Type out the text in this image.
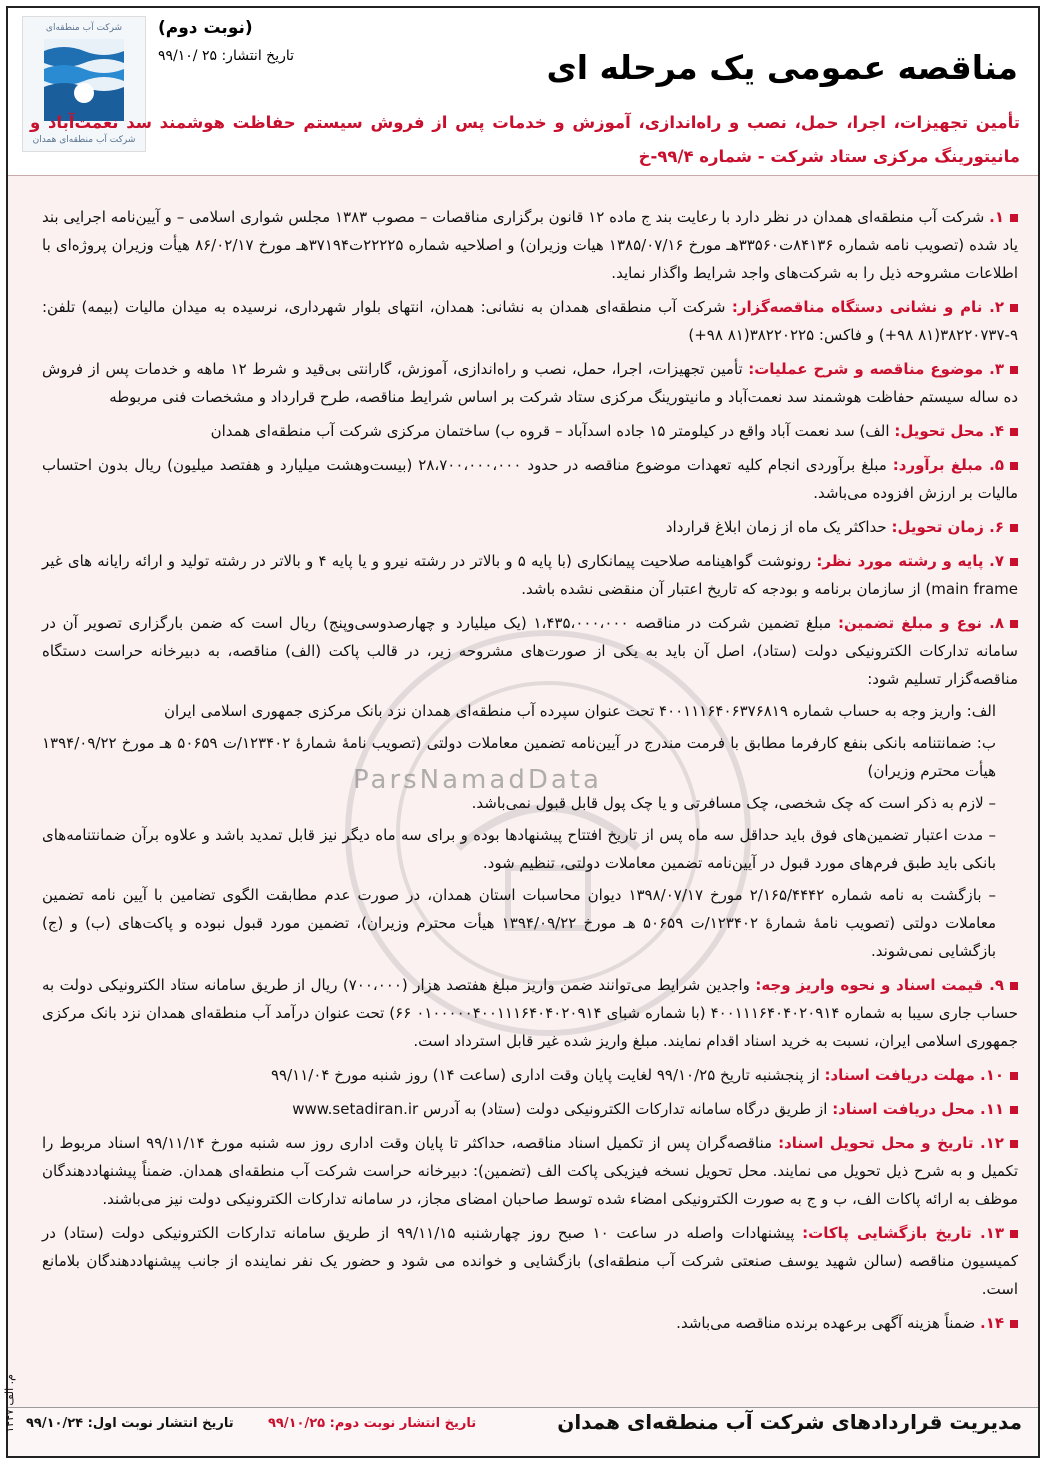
شرکت آب منطقه‌ای
شرکت آب منطقه‌ای همدان
(نوبت دوم)
تاریخ انتشار: ۲۵ /۹۹/۱۰	مناقصه عمومی یک مرحله ای
تأمین تجهیزات، اجرا، حمل، نصب و راه‌اندازی، آموزش و خدمات پس از فروش سیستم حفاظت هوشمند سد نعمت‌آباد و مانیتورینگ مرکزی ستاد شرکت - شماره ۹۹/۴-خ
ParsNamadData
۱. شرکت آب منطقه‌ای همدان در نظر دارد با رعایت بند ج ماده ۱۲ قانون برگزاری مناقصات – مصوب ۱۳۸۳ مجلس شواری اسلامی – و آیین‌نامه اجرایی بند یاد شده (تصویب نامه شماره ۸۴۱۳۶ت‌۳۳۵۶۰هـ مورخ ۱۳۸۵/۰۷/۱۶ هیات وزیران) و اصلاحیه شماره ۲۲۲۲۵ت۳۷۱۹۴هـ مورخ ۸۶/۰۲/۱۷ هیأت وزیران پروژه‌ای با اطلاعات مشروحه ذیل را به شرکت‌های واجد شرایط واگذار نماید.
۲. نام و نشانی دستگاه مناقصه‌گزار: شرکت آب منطقه‌ای همدان به نشانی: همدان، انتهای بلوار شهرداری، نرسیده به میدان مالیات (بیمه) تلفن: ۹-۳۸۲۲۰۷۳۷(۸۱ ۹۸+) و فاکس: ۳۸۲۲۰۲۲۵(۸۱ ۹۸+)
۳. موضوع مناقصه و شرح عملیات: تأمین تجهیزات، اجرا، حمل، نصب و راه‌اندازی، آموزش، گارانتی بی‌قید و شرط ۱۲ ماهه و خدمات پس از فروش ده ساله سیستم حفاظت هوشمند سد نعمت‌آباد و مانیتورینگ مرکزی ستاد شرکت بر اساس شرایط مناقصه، طرح قرارداد و مشخصات فنی مربوطه
۴. محل تحویل: الف) سد نعمت آباد واقع در کیلومتر ۱۵ جاده اسدآباد – قروه ب) ساختمان مرکزی شرکت آب منطقه‌ای همدان
۵. مبلغ برآورد: مبلغ برآوردی انجام کلیه تعهدات موضوع مناقصه در حدود ۲۸،۷۰۰،۰۰۰،۰۰۰ (بیست‌وهشت میلیارد و هفتصد میلیون) ریال بدون احتساب مالیات بر ارزش افزوده می‌باشد.
۶. زمان تحویل: حداکثر یک ماه از زمان ابلاغ قرارداد
۷. پایه و رشته مورد نظر: رونوشت گواهینامه صلاحیت پیمانکاری (با پایه ۵ و بالاتر در رشته نیرو و یا پایه ۴ و بالاتر در رشته تولید و ارائه رایانه های غیر main frame) از سازمان برنامه و بودجه که تاریخ اعتبار آن منقضی نشده باشد.
۸. نوع و مبلغ تضمین: مبلغ تضمین شرکت در مناقصه ۱،۴۳۵،۰۰۰،۰۰۰ (یک میلیارد و چهارصدوسی‌وپنج) ریال است که ضمن بارگزاری تصویر آن در سامانه تدارکات الکترونیکی دولت (ستاد)، اصل آن باید به یکی از صورت‌های مشروحه زیر، در قالب پاکت (الف) مناقصه، به دبیرخانه حراست دستگاه مناقصه‌گزار تسلیم شود:
الف: واریز وجه به حساب شماره ۴۰۰۱۱۱۶۴۰۶۳۷۶۸۱۹ تحت عنوان سپرده آب منطقه‌ای همدان نزد بانک مرکزی جمهوری اسلامی ایران
ب: ضمانتنامه بانکی بنفع کارفرما مطابق با فرمت مندرج در آیین‌نامه تضمین معاملات دولتی (تصویب نامهٔ شمارهٔ ۱۲۳۴۰۲/ت ۵۰۶۵۹ هـ مورخ ۱۳۹۴/۰۹/۲۲ هیأت محترم وزیران)
– لازم به ذکر است که چک شخصی، چک مسافرتی و یا چک پول قابل قبول نمی‌باشد.
– مدت اعتبار تضمین‌های فوق باید حداقل سه ماه پس از تاریخ افتتاح پیشنهادها بوده و برای سه ماه دیگر نیز قابل تمدید باشد و علاوه برآن ضمانتنامه‌های بانکی باید طبق فرم‌های مورد قبول در آیین‌نامه تضمین معاملات دولتی، تنظیم شود.
– بازگشت به نامه شماره ۲/۱۶۵/۴۴۴۲ مورخ ۱۳۹۸/۰۷/۱۷ دیوان محاسبات استان همدان، در صورت عدم مطابقت الگوی تضامین با آیین نامه تضمین معاملات دولتی (تصویب نامهٔ شمارهٔ ۱۲۳۴۰۲/ت ۵۰۶۵۹ هـ مورخ ۱۳۹۴/۰۹/۲۲ هیأت محترم وزیران)، تضمین مورد قبول نبوده و پاکت‌های (ب) و (ج) بازگشایی نمی‌شوند.
۹. قیمت اسناد و نحوه واریز وجه: واجدین شرایط می‌توانند ضمن واریز مبلغ هفتصد هزار (۷۰۰،۰۰۰) ریال از طریق سامانه ستاد الکترونیکی دولت به حساب جاری سیبا به شماره ۴۰۰۱۱۱۶۴۰۴۰۲۰۹۱۴ (با شماره شبای ۰۱۰۰۰۰۰۴۰۰۱۱۱۶۴۰۴۰۲۰۹۱۴ ۶۶) تحت عنوان درآمد آب منطقه‌ای همدان نزد بانک مرکزی جمهوری اسلامی ایران، نسبت به خرید اسناد اقدام نمایند. مبلغ واریز شده غیر قابل استرداد است.
۱۰. مهلت دریافت اسناد: از پنجشنبه تاریخ ۹۹/۱۰/۲۵ لغایت پایان وقت اداری (ساعت ۱۴) روز شنبه مورخ ۹۹/۱۱/۰۴
۱۱. محل دریافت اسناد: از طریق درگاه سامانه تدارکات الکترونیکی دولت (ستاد) به آدرس www.setadiran.ir
۱۲. تاریخ و محل تحویل اسناد: مناقصه‌گران پس از تکمیل اسناد مناقصه، حداکثر تا پایان وقت اداری روز سه شنبه مورخ ۹۹/۱۱/۱۴ اسناد مربوط را تکمیل و به شرح ذیل تحویل می نمایند. محل تحویل نسخه فیزیکی پاکت الف (تضمین): دبیرخانه حراست شرکت آب منطقه‌ای همدان. ضمناً پیشنهاددهندگان موظف به ارائه پاکات الف، ب و ج به صورت الکترونیکی امضاء شده توسط صاحبان امضای مجاز، در سامانه تدارکات الکترونیکی دولت نیز می‌باشند.
۱۳. تاریخ بازگشایی پاکات: پیشنهادات واصله در ساعت ۱۰ صبح روز چهارشنبه ۹۹/۱۱/۱۵ از طریق سامانه تدارکات الکترونیکی دولت (ستاد) در کمیسیون مناقصه (سالن شهید یوسف صنعتی شرکت آب منطقه‌ای) بازگشایی و خوانده می شود و حضور یک نفر نماینده از جانب پیشنهاددهندگان بلامانع است.
۱۴. ضمناً هزینه آگهی برعهده برنده مناقصه می‌باشد.
م. الف ۱۴۴۷
تاریخ انتشار نوبت اول: ۹۹/۱۰/۲۴	تاریخ انتشار نوبت دوم: ۹۹/۱۰/۲۵	مدیریت قراردادهای شرکت آب منطقه‌ای همدان
